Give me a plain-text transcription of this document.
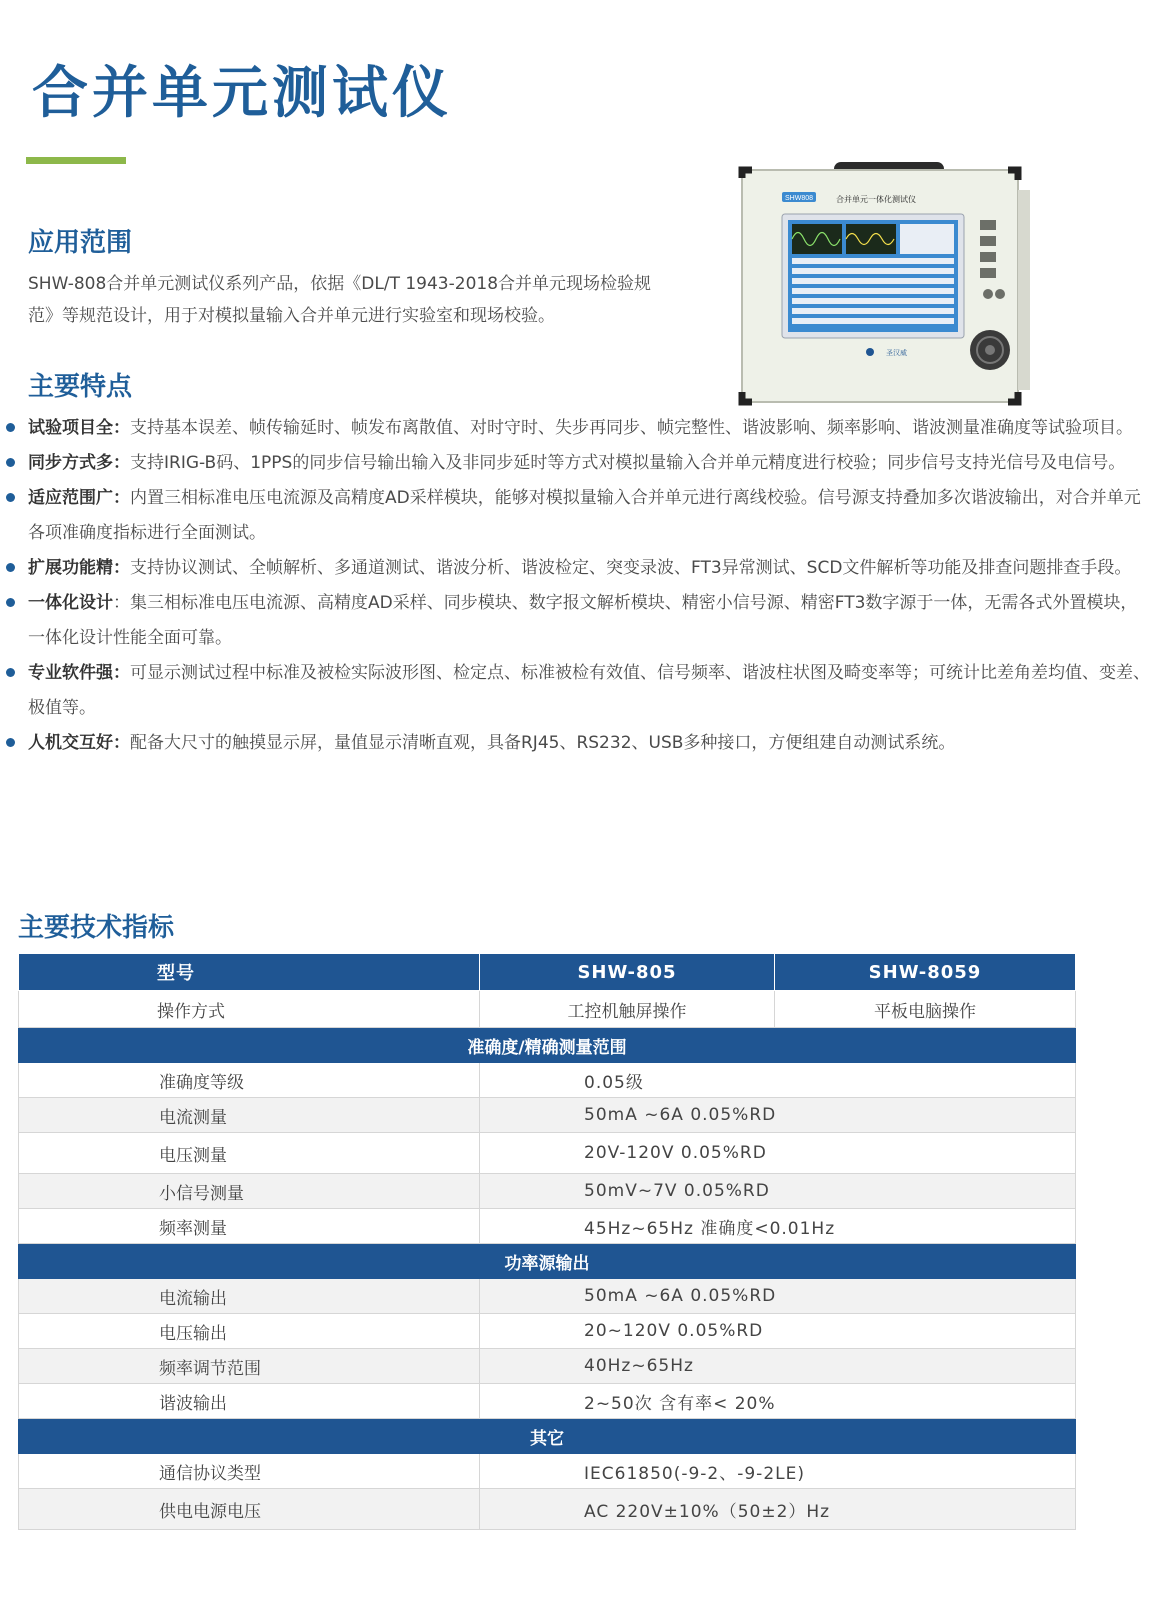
合并单元测试仪
应用范围

SHW-808合并单元测试仪系列产品，依据《DL/T 1943-2018合并单元现场检验规范》等规范设计，用于对模拟量输入合并单元进行实验室和现场校验。

SHW808	合并单元一体化测试仪
圣汉威
主要特点
试验项目全：支持基本误差、帧传输延时、帧发布离散值、对时守时、失步再同步、帧完整性、谐波影响、频率影响、谐波测量准确度等试验项目。
同步方式多：支持IRIG-B码、1PPS的同步信号输出输入及非同步延时等方式对模拟量输入合并单元精度进行校验；同步信号支持光信号及电信号。
适应范围广：内置三相标准电压电流源及高精度AD采样模块，能够对模拟量输入合并单元进行离线校验。信号源支持叠加多次谐波输出，对合并单元各项准确度指标进行全面测试。
扩展功能精：支持协议测试、全帧解析、多通道测试、谐波分析、谐波检定、突变录波、FT3异常测试、SCD文件解析等功能及排查问题排查手段。
一体化设计：集三相标准电压电流源、高精度AD采样、同步模块、数字报文解析模块、精密小信号源、精密FT3数字源于一体，无需各式外置模块，一体化设计性能全面可靠。
专业软件强：可显示测试过程中标准及被检实际波形图、检定点、标准被检有效值、信号频率、谐波柱状图及畸变率等；可统计比差角差均值、变差、极值等。
人机交互好：配备大尺寸的触摸显示屏，量值显示清晰直观，具备RJ45、RS232、USB多种接口，方便组建自动测试系统。
主要技术指标
型号	SHW-805	SHW-8059
操作方式	工控机触屏操作	平板电脑操作
准确度/精确测量范围		
准确度等级	0.05级	
电流测量	50mA ~6A 0.05%RD	
电压测量	20V-120V 0.05%RD	
小信号测量	50mV~7V 0.05%RD	
频率测量	45Hz~65Hz 准确度<0.01Hz	
功率源输出		
电流输出	50mA ~6A 0.05%RD	
电压输出	20~120V 0.05%RD	
频率调节范围	40Hz~65Hz	
谐波输出	2~50次 含有率< 20%	
其它		
通信协议类型	IEC61850(-9-2、-9-2LE)	
供电电源电压	AC 220V±10%（50±2）Hz	
